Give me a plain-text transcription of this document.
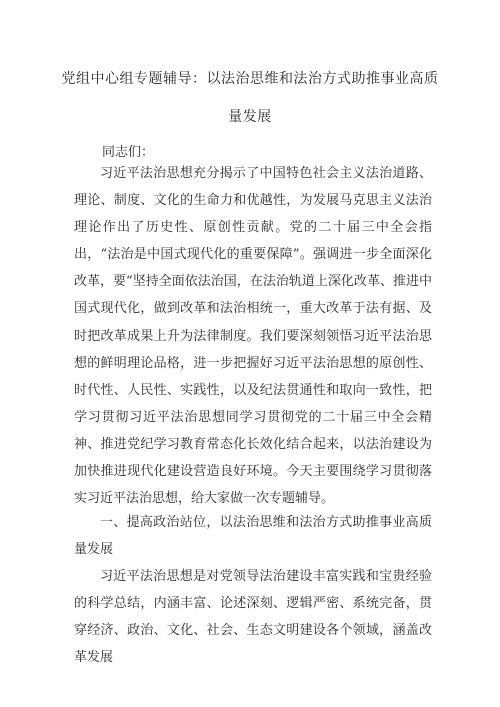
党组中心组专题辅导：以法治思维和法治方式助推事业高质
量发展

同志们：

习近平法治思想充分揭示了中国特色社会主义法治道路、理论、制度、文化的生命力和优越性，为发展马克思主义法治理论作出了历史性、原创性贡献。党的二十届三中全会指出，“法治是中国式现代化的重要保障”。强调进一步全面深化改革，要“坚持全面依法治国，在法治轨道上深化改革、推进中国式现代化，做到改革和法治相统一，重大改革于法有据、及时把改革成果上升为法律制度。我们要深刻领悟习近平法治思想的鲜明理论品格，进一步把握好习近平法治思想的原创性、时代性、人民性、实践性，以及纪法贯通性和取向一致性，把学习贯彻习近平法治思想同学习贯彻党的二十届三中全会精神、推进党纪学习教育常态化长效化结合起来，以法治建设为加快推进现代化建设营造良好环境。今天主要围绕学习贯彻落实习近平法治思想，给大家做一次专题辅导。

一、提高政治站位，以法治思维和法治方式助推事业高质量发展

习近平法治思想是对党领导法治建设丰富实践和宝贵经验的科学总结，内涵丰富、论述深刻、逻辑严密、系统完备，贯穿经济、政治、文化、社会、生态文明建设各个领域，涵盖改革发展
